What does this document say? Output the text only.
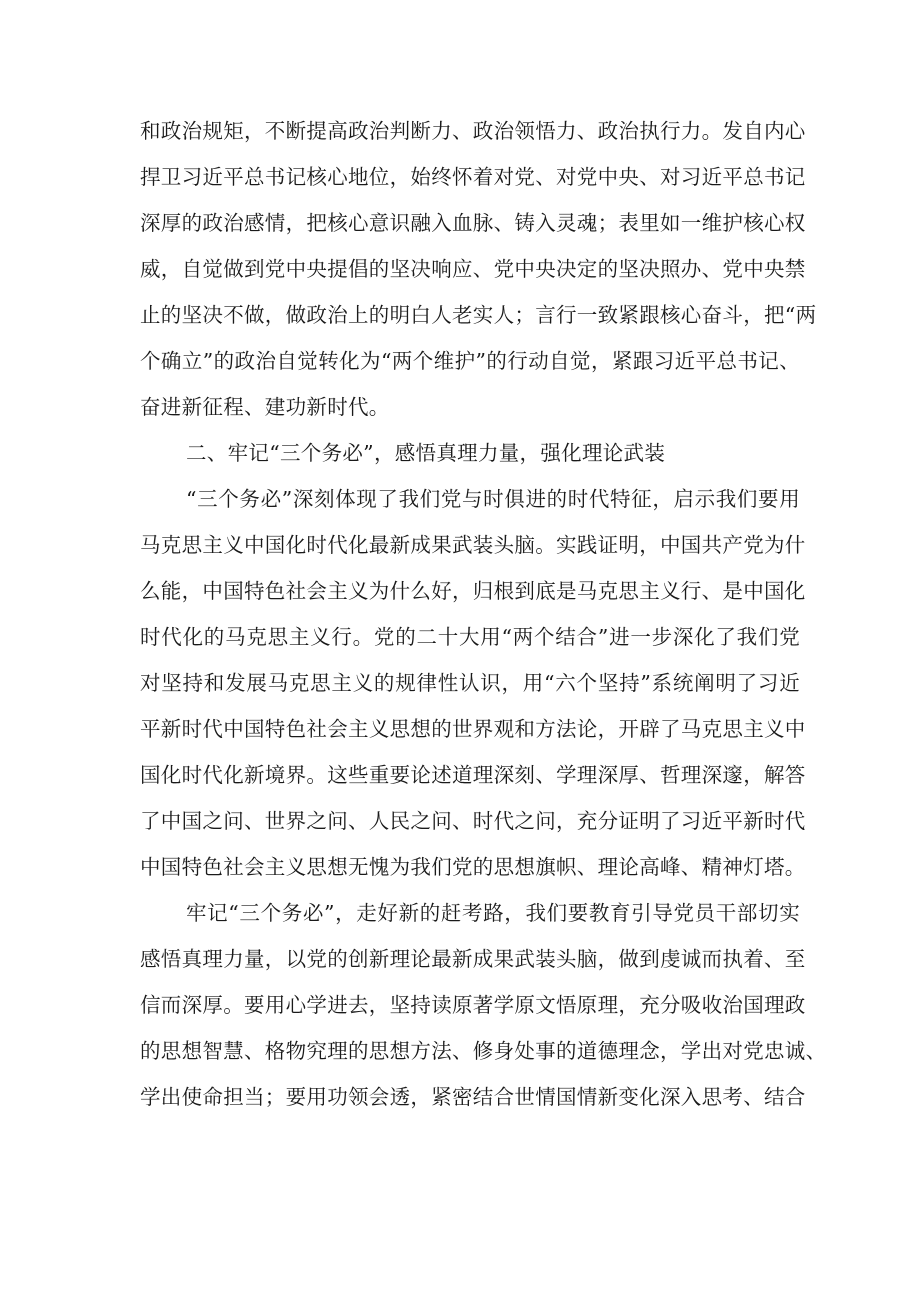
和政治规矩，不断提高政治判断力、政治领悟力、政治执行力。发自内心
捍卫习近平总书记核心地位，始终怀着对党、对党中央、对习近平总书记
深厚的政治感情，把核心意识融入血脉、铸入灵魂；表里如一维护核心权
威，自觉做到党中央提倡的坚决响应、党中央决定的坚决照办、党中央禁
止的坚决不做，做政治上的明白人老实人；言行一致紧跟核心奋斗，把“两
个确立”的政治自觉转化为“两个维护”的行动自觉，紧跟习近平总书记、
奋进新征程、建功新时代。
二、牢记“三个务必”，感悟真理力量，强化理论武装
“三个务必”深刻体现了我们党与时俱进的时代特征，启示我们要用
马克思主义中国化时代化最新成果武装头脑。实践证明，中国共产党为什
么能，中国特色社会主义为什么好，归根到底是马克思主义行、是中国化
时代化的马克思主义行。党的二十大用“两个结合”进一步深化了我们党
对坚持和发展马克思主义的规律性认识，用“六个坚持”系统阐明了习近
平新时代中国特色社会主义思想的世界观和方法论，开辟了马克思主义中
国化时代化新境界。这些重要论述道理深刻、学理深厚、哲理深邃，解答
了中国之问、世界之问、人民之问、时代之问，充分证明了习近平新时代
中国特色社会主义思想无愧为我们党的思想旗帜、理论高峰、精神灯塔。
牢记“三个务必”，走好新的赶考路，我们要教育引导党员干部切实
感悟真理力量，以党的创新理论最新成果武装头脑，做到虔诚而执着、至
信而深厚。要用心学进去，坚持读原著学原文悟原理，充分吸收治国理政
的思想智慧、格物究理的思想方法、修身处事的道德理念，学出对党忠诚、
学出使命担当；要用功领会透，紧密结合世情国情新变化深入思考、结合
